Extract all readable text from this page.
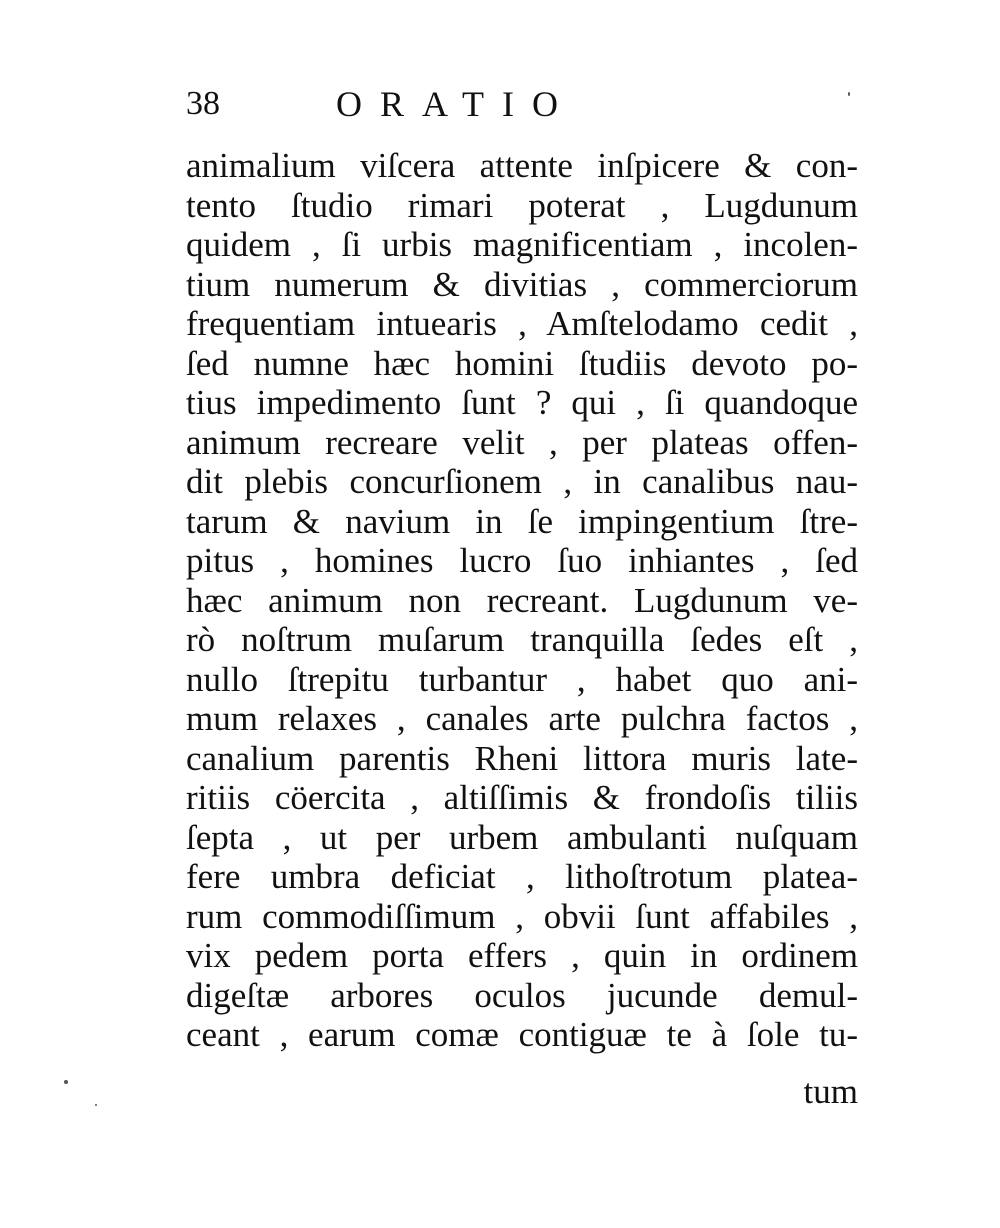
38	ORATIO
animalium viſcera attente inſpicere & con-
tento ſtudio rimari poterat , Lugdunum
quidem , ſi urbis magnificentiam , incolen-
tium numerum & divitias , commerciorum
frequentiam intuearis , Amſtelodamo cedit ,
ſed numne hæc homini ſtudiis devoto po-
tius impedimento ſunt ? qui , ſi quandoque
animum recreare velit , per plateas offen-
dit plebis concurſionem , in canalibus nau-
tarum & navium in ſe impingentium ſtre-
pitus , homines lucro ſuo inhiantes , ſed
hæc animum non recreant. Lugdunum ve-
rò noſtrum muſarum tranquilla ſedes eſt ,
nullo ſtrepitu turbantur , habet quo ani-
mum relaxes , canales arte pulchra factos ,
canalium parentis Rheni littora muris late-
ritiis cöercita , altiſſimis & frondoſis tiliis
ſepta , ut per urbem ambulanti nuſquam
fere umbra deficiat , lithoſtrotum platea-
rum commodiſſimum , obvii ſunt affabiles ,
vix pedem porta effers , quin in ordinem
digeſtæ arbores oculos jucunde demul-
ceant , earum comæ contiguæ te à ſole tu-
tum
